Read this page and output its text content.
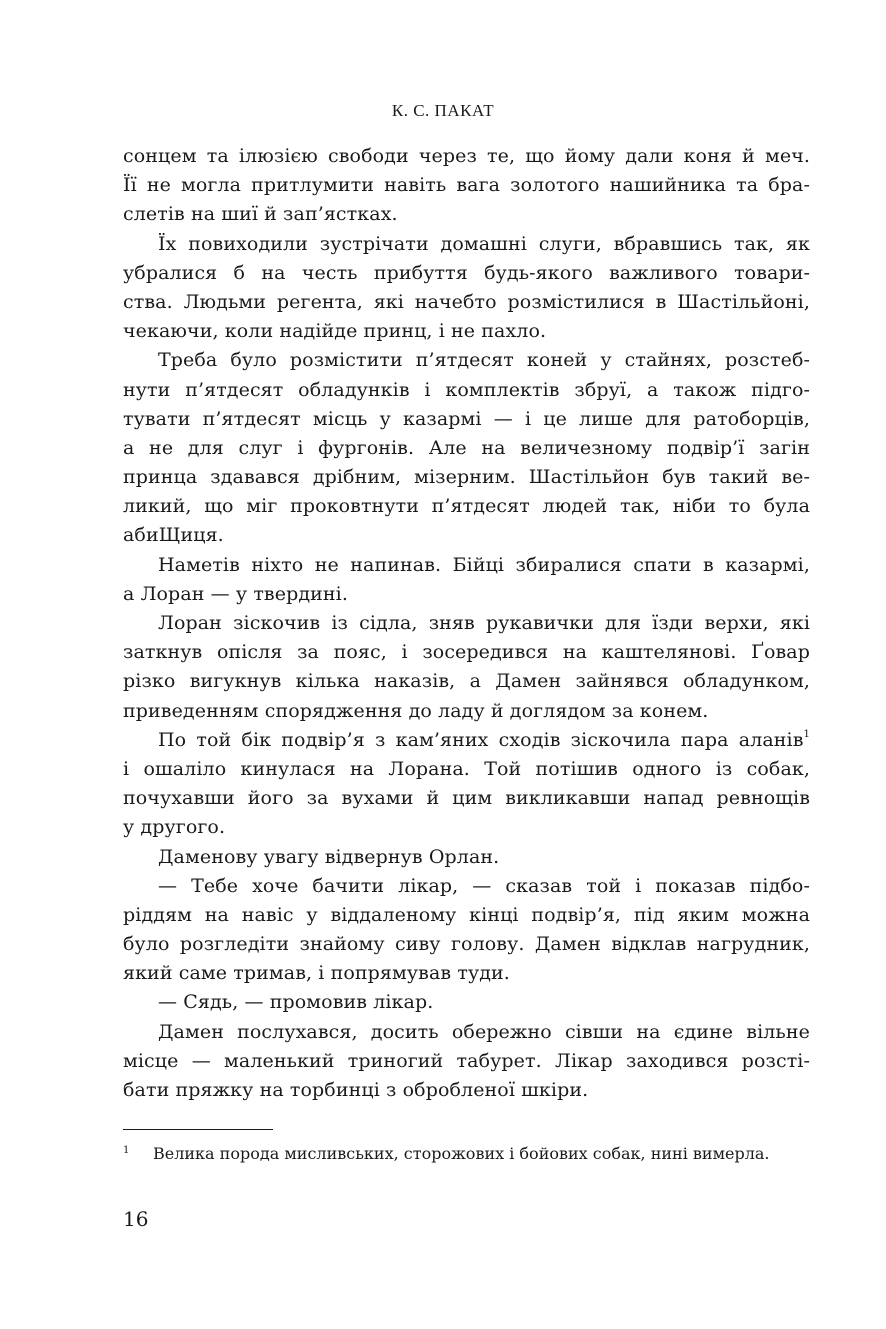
К. С. ПАКАТ
сонцем та ілюзією свободи через те, що йому дали коня й меч.
Її не могла притлумити навіть вага золотого нашийника та бра-
слетів на шиї й зап’ястках.
Їх повиходили зустрічати домашні слуги, вбравшись так, як
убралися б на честь прибуття будь-якого важливого товари-
ства. Людьми регента, які начебто розмістилися в Шастільйоні,
чекаючи, коли надійде принц, і не пахло.
Треба було розмістити п’ятдесят коней у стайнях, розстеб-
нути п’ятдесят обладунків і комплектів збруї, а також підго-
тувати п’ятдесят місць у казармі — і це лише для ратоборців,
а не для слуг і фургонів. Але на величезному подвір’ї загін
принца здавався дрібним, мізерним. Шастільйон був такий ве-
ликий, що міг проковтнути п’ятдесят людей так, ніби то була
абиЩиця.
Наметів ніхто не напинав. Бійці збиралися спати в казармі,
а Лоран — у твердині.
Лоран зіскочив із сідла, зняв рукавички для їзди верхи, які
заткнув опісля за пояс, і зосередився на каштелянові. Ґовар
різко вигукнув кілька наказів, а Дамен зайнявся обладунком,
приведенням спорядження до ладу й доглядом за конем.
По той бік подвір’я з кам’яних сходів зіскочила пара аланів$^1$
і ошаліло кинулася на Лорана. Той потішив одного із собак,
почухавши його за вухами й цим викликавши напад ревнощів
у другого.
Даменову увагу відвернув Орлан.
— Тебе хоче бачити лікар, — сказав той і показав підбо-
ріддям на навіс у віддаленому кінці подвір’я, під яким можна
було розгледіти знайому сиву голову. Дамен відклав нагрудник,
який саме тримав, і попрямував туди.
— Сядь, — промовив лікар.
Дамен послухався, досить обережно сівши на єдине вільне
місце — маленький триногий табурет. Лікар заходився розсті-
бати пряжку на торбинці з обробленої шкіри.
1 Велика порода мисливських, сторожових і бойових собак, нині вимерла.
16
